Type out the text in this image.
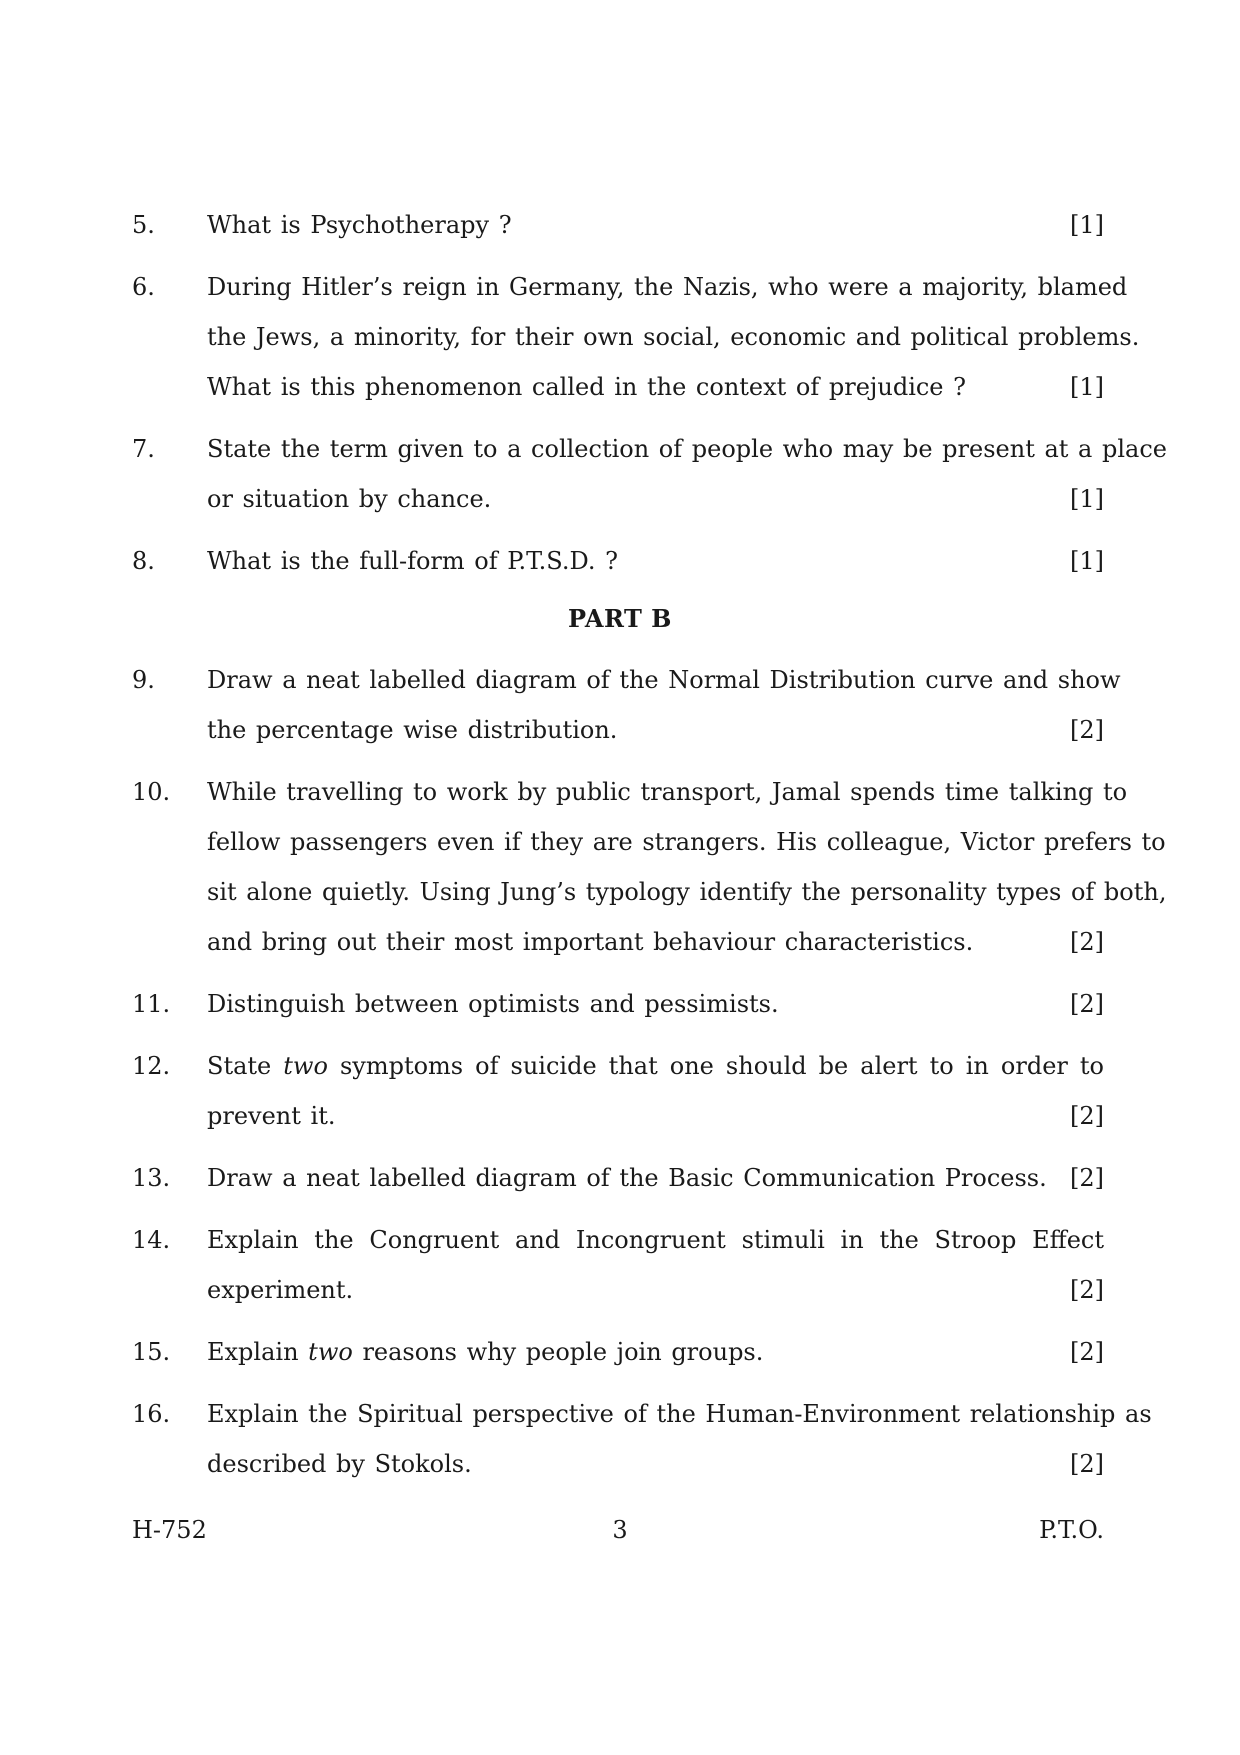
5.	What is Psychotherapy ?	[1]
6.	During Hitler’s reign in Germany, the Nazis, who were a majority, blamed
the Jews, a minority, for their own social, economic and political problems.
What is this phenomenon called in the context of prejudice ?	[1]
7.	State the term given to a collection of people who may be present at a place
or situation by chance.	[1]
8.	What is the full-form of P.T.S.D. ?	[1]
PART B
9.	Draw a neat labelled diagram of the Normal Distribution curve and show
the percentage wise distribution.	[2]
10.	While travelling to work by public transport, Jamal spends time talking to
fellow passengers even if they are strangers. His colleague, Victor prefers to
sit alone quietly. Using Jung’s typology identify the personality types of both,
and bring out their most important behaviour characteristics.	[2]
11.	Distinguish between optimists and pessimists.	[2]
12.	State two symptoms of suicide that one should be alert to in order to
prevent it.	[2]
13.	Draw a neat labelled diagram of the Basic Communication Process. [2]
14.	Explain the Congruent and Incongruent stimuli in the Stroop Effect
experiment.	[2]
15.	Explain two reasons why people join groups.	[2]
16.	Explain the Spiritual perspective of the Human-Environment relationship as
described by Stokols.	[2]
H-752	3	P.T.O.
